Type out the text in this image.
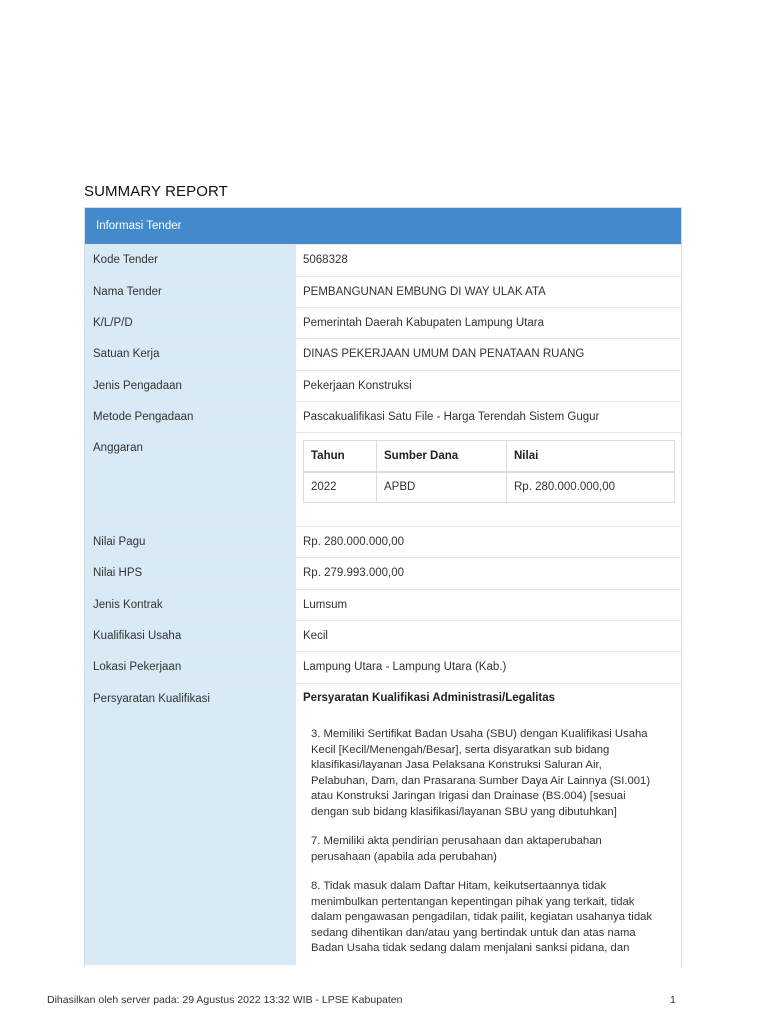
SUMMARY REPORT
Informasi Tender
Kode Tender	5068328
Nama Tender	PEMBANGUNAN EMBUNG DI WAY ULAK ATA
K/L/P/D	Pemerintah Daerah Kabupaten Lampung Utara
Satuan Kerja	DINAS PEKERJAAN UMUM DAN PENATAAN RUANG
Jenis Pengadaan	Pekerjaan Konstruksi
Metode Pengadaan	Pascakualifikasi Satu File - Harga Terendah Sistem Gugur
Anggaran
Tahun	Sumber Dana	Nilai
2022	APBD	Rp. 280.000.000,00
Nilai Pagu	Rp. 280.000.000,00
Nilai HPS	Rp. 279.993.000,00
Jenis Kontrak	Lumsum
Kualifikasi Usaha	Kecil
Lokasi Pekerjaan	Lampung Utara - Lampung Utara (Kab.)
Persyaratan Kualifikasi	Persyaratan Kualifikasi Administrasi/Legalitas
3. Memiliki Sertifikat Badan Usaha (SBU) dengan Kualifikasi Usaha Kecil [Kecil/Menengah/Besar], serta disyaratkan sub bidang klasifikasi/layanan Jasa Pelaksana Konstruksi Saluran Air, Pelabuhan, Dam, dan Prasarana Sumber Daya Air Lainnya (SI.001) atau Konstruksi Jaringan Irigasi dan Drainase (BS.004) [sesuai dengan sub bidang klasifikasi/layanan SBU yang dibutuhkan]
7. Memiliki akta pendirian perusahaan dan aktaperubahan perusahaan (apabila ada perubahan)
8. Tidak masuk dalam Daftar Hitam, keikutsertaannya tidak menimbulkan pertentangan kepentingan pihak yang terkait, tidak dalam pengawasan pengadilan, tidak pailit, kegiatan usahanya tidak sedang dihentikan dan/atau yang bertindak untuk dan atas nama Badan Usaha tidak sedang dalam menjalani sanksi pidana, dan
Dihasilkan oleh server pada: 29 Agustus 2022 13:32 WIB - LPSE Kabupaten	1
